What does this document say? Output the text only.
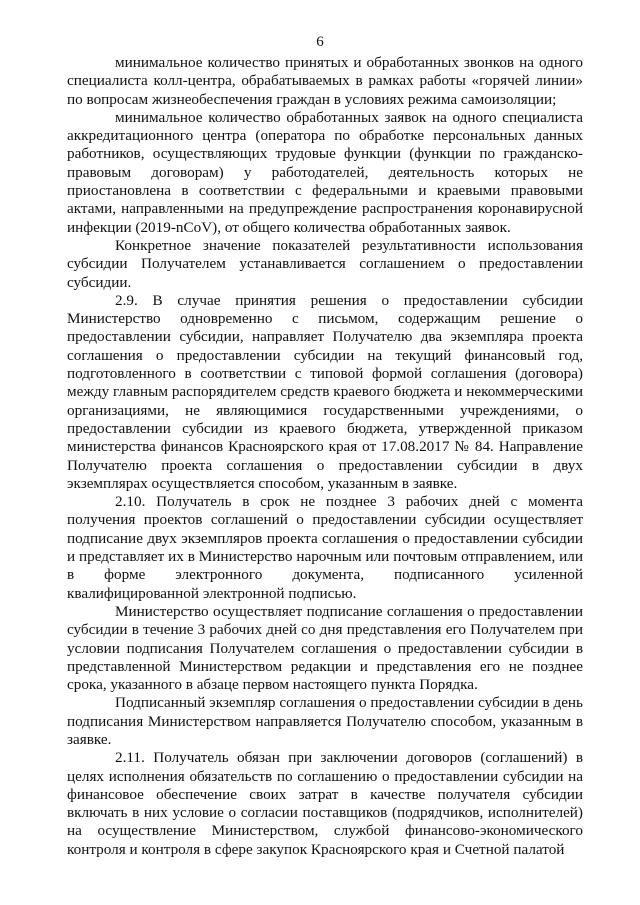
6

минимальное количество принятых и обработанных звонков на одного специалиста колл-центра, обрабатываемых в рамках работы «горячей линии» по вопросам жизнеобеспечения граждан в условиях режима самоизоляции;

минимальное количество обработанных заявок на одного специалиста аккредитационного центра (оператора по обработке персональных данных работников, осуществляющих трудовые функции (функции по гражданско-правовым договорам) у работодателей, деятельность которых не приостановлена в соответствии с федеральными и краевыми правовыми актами, направленными на предупреждение распространения коронавирусной инфекции (2019-nCoV), от общего количества обработанных заявок.

Конкретное значение показателей результативности использования субсидии Получателем устанавливается соглашением о предоставлении субсидии.

2.9. В случае принятия решения о предоставлении субсидии Министерство одновременно с письмом, содержащим решение о предоставлении субсидии, направляет Получателю два экземпляра проекта соглашения о предоставлении субсидии на текущий финансовый год, подготовленного в соответствии с типовой формой соглашения (договора) между главным распорядителем средств краевого бюджета и некоммерческими организациями, не являющимися государственными учреждениями, о предоставлении субсидии из краевого бюджета, утвержденной приказом министерства финансов Красноярского края от 17.08.2017 № 84. Направление Получателю проекта соглашения о предоставлении субсидии в двух экземплярах осуществляется способом, указанным в заявке.

2.10. Получатель в срок не позднее 3 рабочих дней с момента получения проектов соглашений о предоставлении субсидии осуществляет подписание двух экземпляров проекта соглашения о предоставлении субсидии и представляет их в Министерство нарочным или почтовым отправлением, или в форме электронного документа, подписанного усиленной квалифицированной электронной подписью.

Министерство осуществляет подписание соглашения о предоставлении субсидии в течение 3 рабочих дней со дня представления его Получателем при условии подписания Получателем соглашения о предоставлении субсидии в представленной Министерством редакции и представления его не позднее срока, указанного в абзаце первом настоящего пункта Порядка.

Подписанный экземпляр соглашения о предоставлении субсидии в день подписания Министерством направляется Получателю способом, указанным в заявке.

2.11. Получатель обязан при заключении договоров (соглашений) в целях исполнения обязательств по соглашению о предоставлении субсидии на финансовое обеспечение своих затрат в качестве получателя субсидии включать в них условие о согласии поставщиков (подрядчиков, исполнителей) на осуществление Министерством, службой финансово-экономического контроля и контроля в сфере закупок Красноярского края и Счетной палатой
